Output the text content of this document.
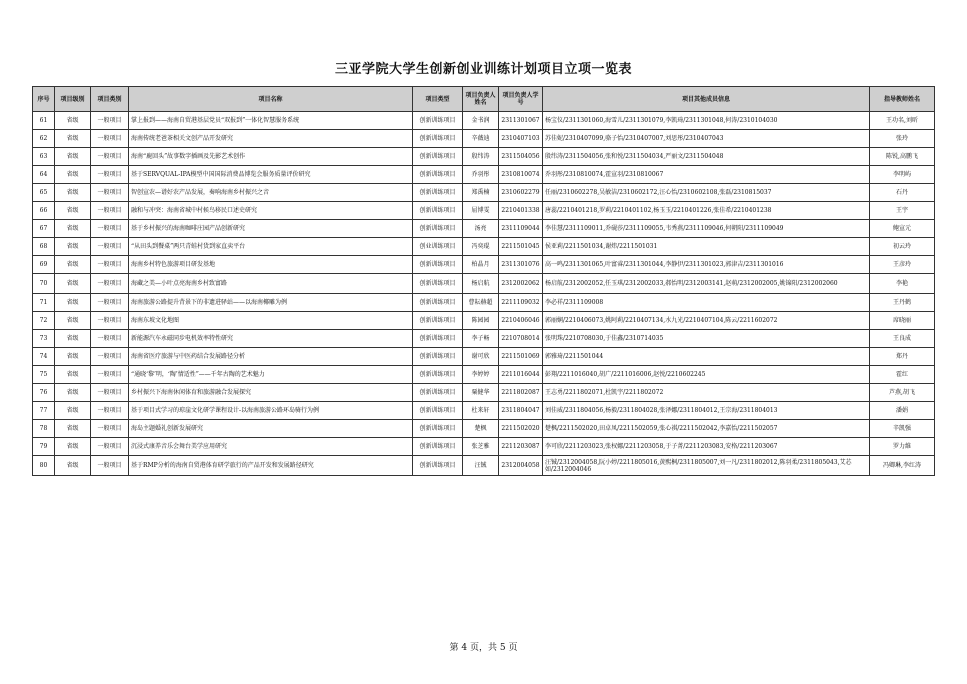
三亚学院大学生创新创业训练计划项目立项一览表
序号	项目级别	项目类别	项目名称	项目类型	项目负责人姓名	项目负责人学号	项目其他成员信息	指导教师姓名
61	省级	一般项目	掌上报到——海南自贸港基层党员“双报到”一体化智慧服务系统	创新训练项目	金书润	2311301067	杨宝仪/2311301060,海雪儿/2311301079,李凯琦/2311301048,何涛/2310104030	王功名,刘昕
62	省级	一般项目	海南传统老爸茶相关文创产品开发研究	创新训练项目	辛薇迪	2310407103	苏佳妮/2310407099,骆子怡/2310407007,刘思彤/2310407043	张玲
63	省级	一般项目	海南“鹿回头”故事数字插画及先影艺术创作	创新训练项目	殷纬涛	2311504056	殷纬涛/2311504056,张和悦/2311504034,严丽文/2311504048	陈锐,高鹏飞
64	省级	一般项目	基于SERVQUAL-IPA模型中国国际消费品博览会服务质量评价研究	创新训练项目	乔羽彤	2310810074	乔羽彤/2310810074,霍宣羽/2310810067	李明屿
65	省级	一般项目	智创宣农—谱好农产品发展，奏响海南乡村振兴之音	创新训练项目	郑禹楠	2310602279	任丽/2310602278,吴敏洁/2310602172,汪心怡/2310602108,张磊/2310815037	石丹
66	省级	一般项目	融和与冲突：海南省城中村候鸟移民口述史研究	创新训练项目	屈博雯	2210401338	唐蕊/2210401218,罗莉/2210401102,杨玉玉/2210401226,张佳希/2210401238	王宇
67	省级	一般项目	基于乡村振兴的海南咖啡庄园产品创新研究	创新训练项目	汤亮	2311109044	李佳慧/2311109011,乔砚莎/2311109055,韦秀燕/2311109046,何朝阳/2311109049	鲍宣元
68	省级	一般项目	“从田头到餐桌”两只青蛙村货到家直卖平台	创业训练项目	冯奕琨	2211501045	侯亚莉/2211501034,谢炜/2211501031	初云玲
69	省级	一般项目	海南乡村特色旅游项目研发基地	创新训练项目	柏晶月	2311301076	高一鸣/2311301065,叶富睿/2311301044,李静伊/2311301023,郭津吉/2311301016	王彦玲
70	省级	一般项目	海藏之美—小叶点亮海南乡村致富路	创新训练项目	杨启航	2312002062	杨启航/2312002052,任玉琪/2312002033,郝怡明/2312003141,赵萌/2312002005,姚锦阳/2312002060	李艳
71	省级	一般项目	海南旅游公路提升背景下的非遗进驿站——以海南椰雕为例	创新训练项目	曹耘赫超	2211109032	李必祥/2311109008	王丹鹤
72	省级	一般项目	海南东坡文化地图	创新训练项目	陈园园	2210406046	郭丽娴/2210406073,姚阿莉/2210407134,水九光/2210407104,陈云/2211602072	席晓丽
73	省级	一般项目	新能源汽车永磁同步电机效率特性研究	创新训练项目	李子畅	2210708014	张明珠/2210708030,于佳鑫/2310714035	王良成
74	省级	一般项目	海南省医疗旅游与中医药结合发展路径分析	创新训练项目	谢可欣	2211501069	郭雅琦/2211501044	郑丹
75	省级	一般项目	“通晓‘黎’明，‘陶’情适性”——千年古陶的艺术魅力	创新训练项目	李婷婷	2211016044	彭翔/2211016040,胡广/2211016006,赵悦/2210602245	霍红
76	省级	一般项目	乡村振兴下海南休闲体育和旅游融合发展探究	创新训练项目	粟健华	2211802087	王志勇/2211802071,杜凯宇/2211802072	芦燕,胡飞
77	省级	一般项目	基于项目式学习的琼崖文化研学课程设计-以海南旅游公路环岛骑行为例	创新训练项目	杜来轩	2311804047	刘佳威/2311804056,杨毅/2311804028,张泽娜/2311804012,王宗海/2311804013	潘娟
78	省级	一般项目	海岛主题婚礼创新发展研究	创新训练项目	楚枫	2211502020	楚枫/2211502020,田卓凤/2211502059,张心祺/2211502042,李嘉怡/2211502057	辛凯强
79	省级	一般项目	沉浸式康养音乐会舞台美学应用研究	创新训练项目	张芝雅	2211203087	李可欣/2211203023,张权娜/2211203058,于子菁/2211203083,安格/2211203067	罗力維
80	省级	一般项目	基于RMP分析的海南自贸港体育研学旅行的产品开发和发展路径研究	创新训练项目	汪铖	2312004058	汪铖/2312004058,阮小婷/2211805016,黄熙桐/2311805007,刘一凡/2311802012,陈羽柔/2311805043,艾芯如/2312004046	冯卿琳,李红涛
第 4 页，共 5 页
